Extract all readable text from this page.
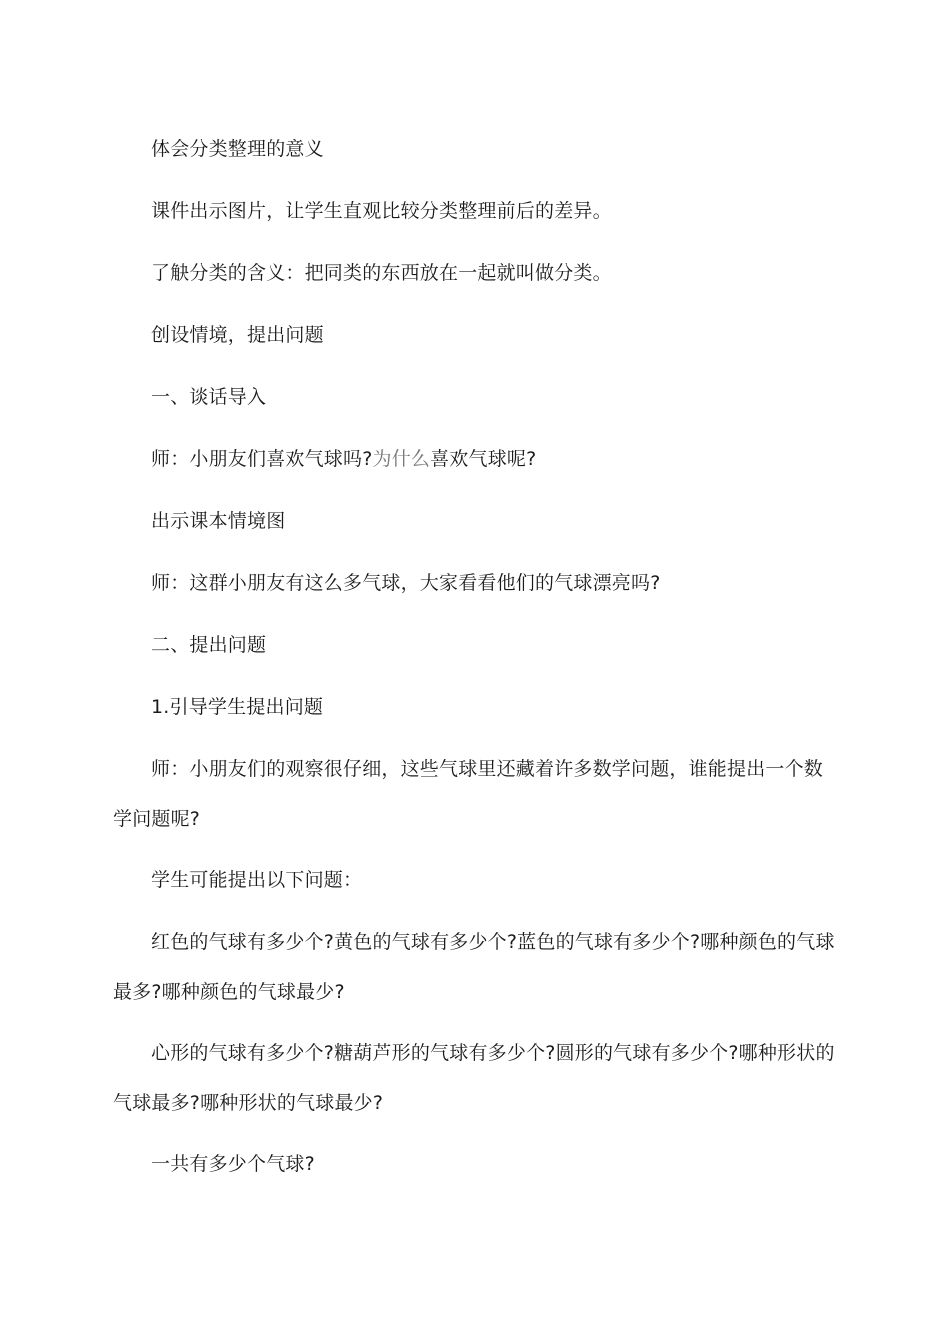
体会分类整理的意义

课件出示图片，让学生直观比较分类整理前后的差异。

了觖分类的含义：把同类的东西放在一起就叫做分类。

创设情境，提出问题

一、谈话导入

师：小朋友们喜欢气球吗?为什么喜欢气球呢?

出示课本情境图

师：这群小朋友有这么多气球，大家看看他们的气球漂亮吗?

二、提出问题

1.引导学生提出问题

师：小朋友们的观察很仔细，这些气球里还藏着许多数学问题，谁能提出一个数学问题呢?

学生可能提出以下问题：

红色的气球有多少个?黄色的气球有多少个?蓝色的气球有多少个?哪种颜色的气球最多?哪种颜色的气球最少?

心形的气球有多少个?糖葫芦形的气球有多少个?圆形的气球有多少个?哪种形状的气球最多?哪种形状的气球最少?

一共有多少个气球?
